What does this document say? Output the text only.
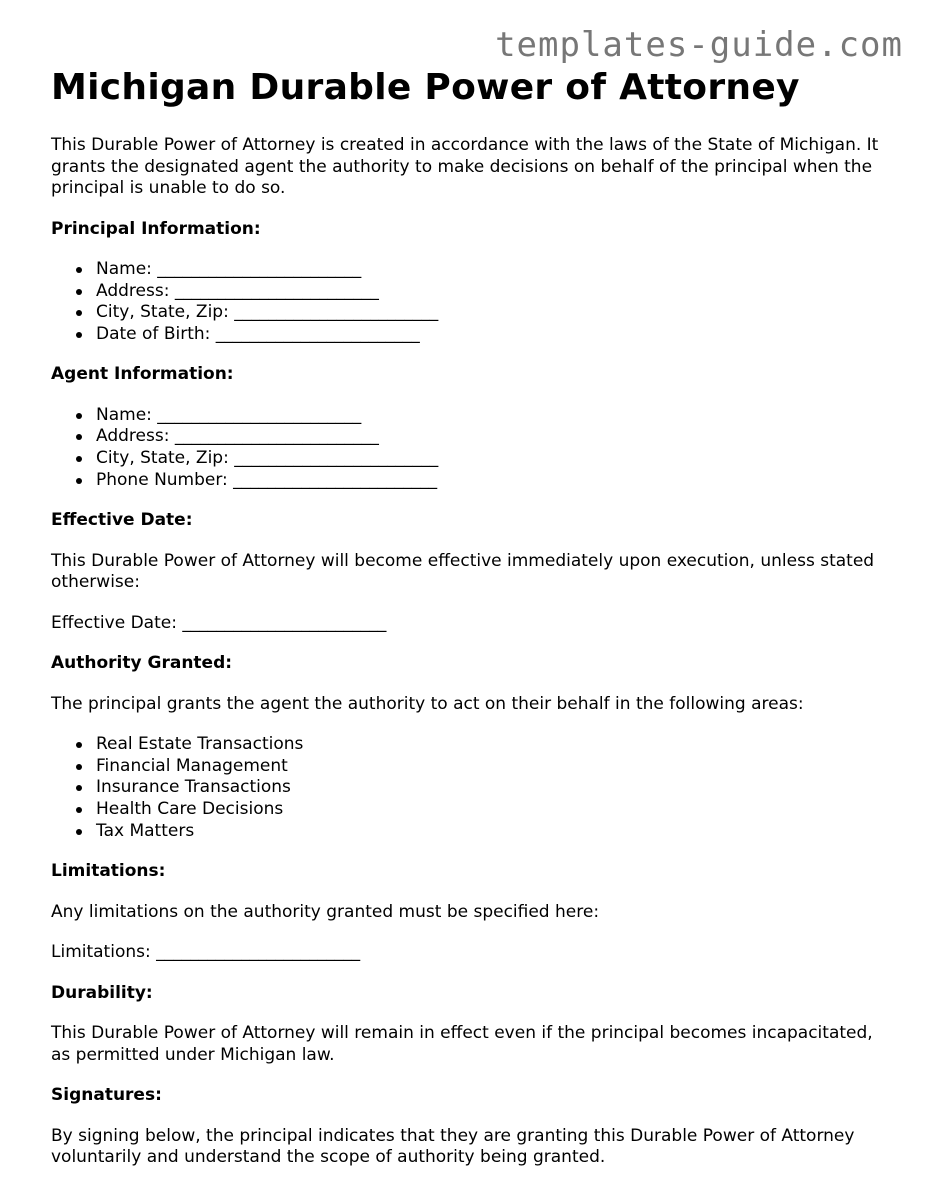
templates-guide.com
Michigan Durable Power of Attorney

This Durable Power of Attorney is created in accordance with the laws of the State of Michigan. It grants the designated agent the authority to make decisions on behalf of the principal when the principal is unable to do so.

Principal Information:
Name: ________________________
Address: ________________________
City, State, Zip: ________________________
Date of Birth: ________________________
Agent Information:
Name: ________________________
Address: ________________________
City, State, Zip: ________________________
Phone Number: ________________________
Effective Date:

This Durable Power of Attorney will become effective immediately upon execution, unless stated otherwise:

Effective Date: ________________________

Authority Granted:

The principal grants the agent the authority to act on their behalf in the following areas:

Real Estate Transactions
Financial Management
Insurance Transactions
Health Care Decisions
Tax Matters
Limitations:

Any limitations on the authority granted must be specified here:

Limitations: ________________________

Durability:

This Durable Power of Attorney will remain in effect even if the principal becomes incapacitated, as permitted under Michigan law.

Signatures:

By signing below, the principal indicates that they are granting this Durable Power of Attorney voluntarily and understand the scope of authority being granted.
